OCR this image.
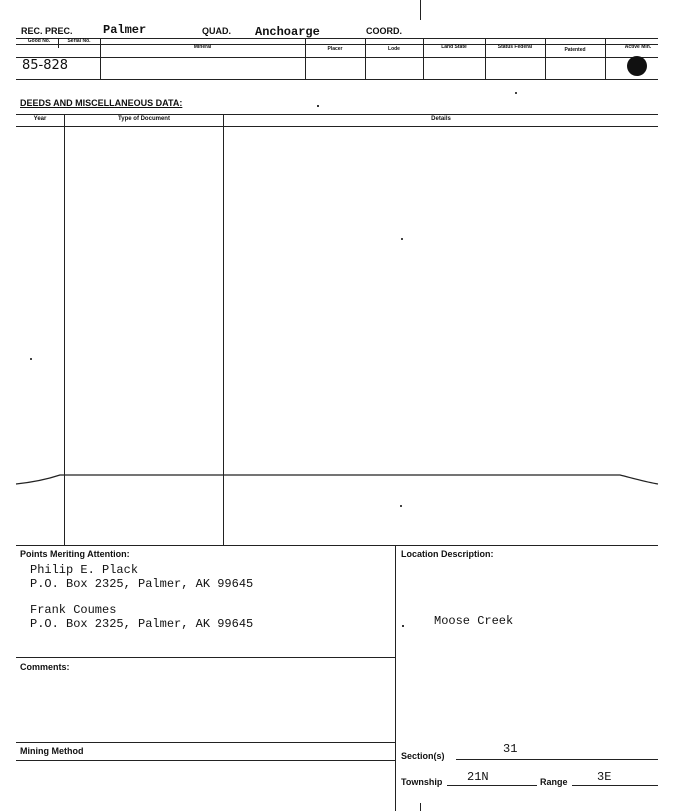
REC. PREC.	Palmer	QUAD. Anchoarge	COORD.
Good No.	Serial No.
Mineral	Placer	Lode	Land State	Status Federal	Patented	Active Min.
85-828
DEEDS AND MISCELLANEOUS DATA:
Year	Type of Document	Details
Points Meriting Attention:
Philip E. Plack
P.O. Box 2325, Palmer, AK 99645
Frank Coumes
P.O. Box 2325, Palmer, AK 99645
Location Description:
Moose Creek
Comments:
Mining Method	Section(s)	31
Township 21N	Range 3E
